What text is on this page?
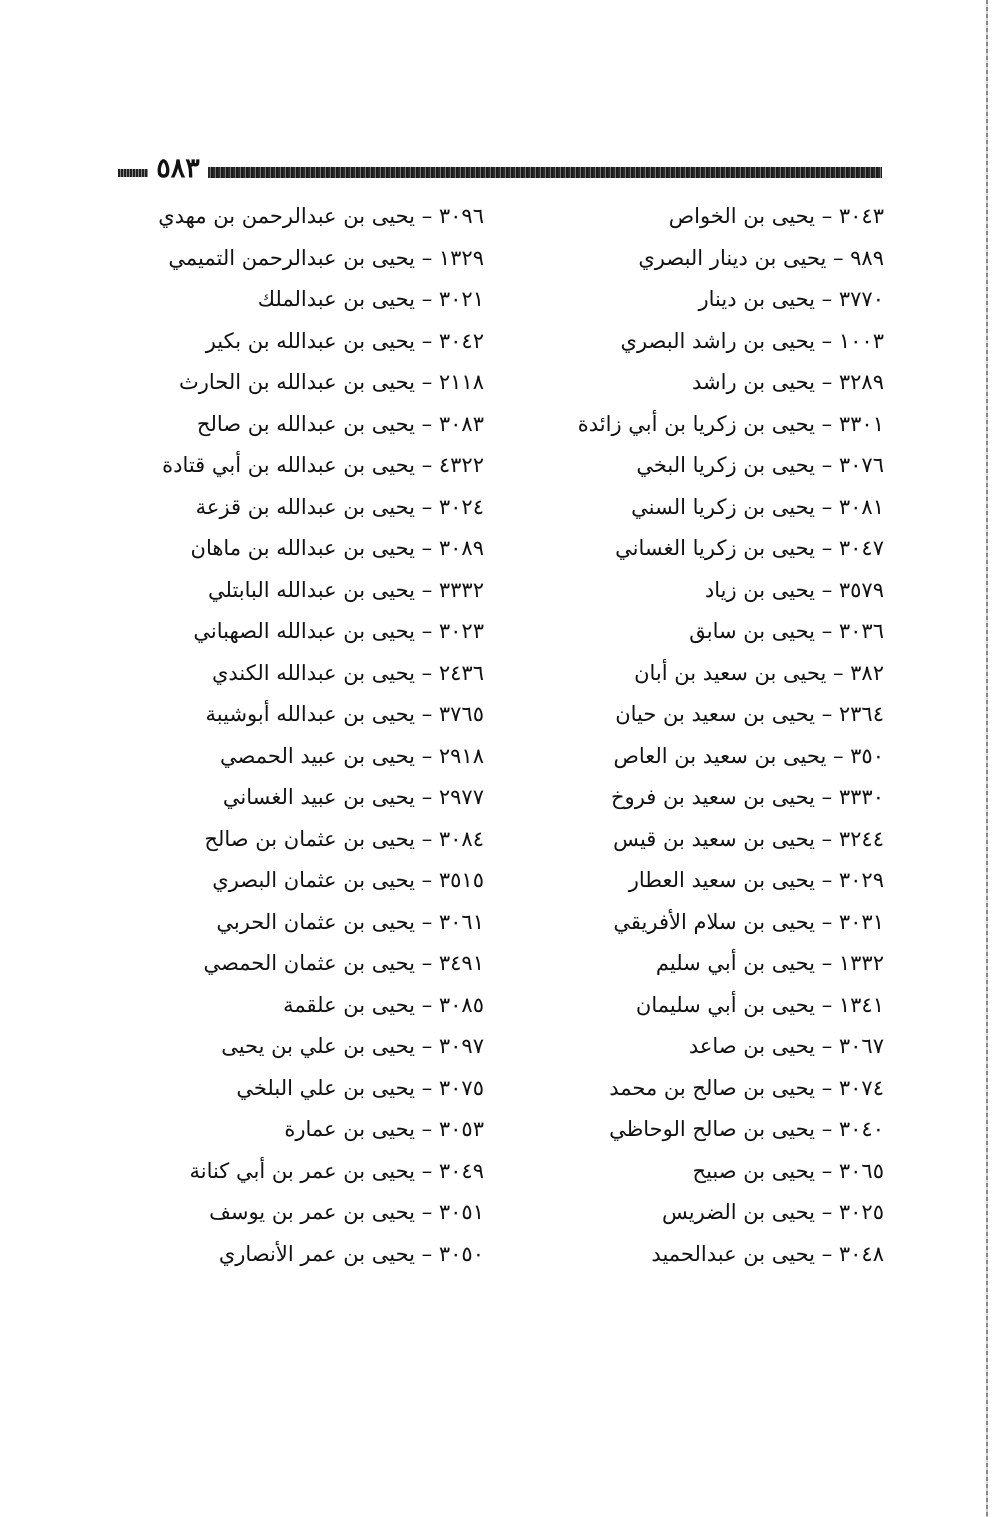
٥٨٣
٣٠٤٣ – يحيى بن الخواص
٩٨٩ – يحيى بن دينار البصري
٣٧٧٠ – يحيى بن دينار
١٠٠٣ – يحيى بن راشد البصري
٣٢٨٩ – يحيى بن راشد
٣٣٠١ – يحيى بن زكريا بن أبي زائدة
٣٠٧٦ – يحيى بن زكريا البخي
٣٠٨١ – يحيى بن زكريا السني
٣٠٤٧ – يحيى بن زكريا الغساني
٣٥٧٩ – يحيى بن زياد
٣٠٣٦ – يحيى بن سابق
٣٨٢ – يحيى بن سعيد بن أبان
٢٣٦٤ – يحيى بن سعيد بن حيان
٣٥٠ – يحيى بن سعيد بن العاص
٣٣٣٠ – يحيى بن سعيد بن فروخ
٣٢٤٤ – يحيى بن سعيد بن قيس
٣٠٢٩ – يحيى بن سعيد العطار
٣٠٣١ – يحيى بن سلام الأفريقي
١٣٣٢ – يحيى بن أبي سليم
١٣٤١ – يحيى بن أبي سليمان
٣٠٦٧ – يحيى بن صاعد
٣٠٧٤ – يحيى بن صالح بن محمد
٣٠٤٠ – يحيى بن صالح الوحاظي
٣٠٦٥ – يحيى بن صبيح
٣٠٢٥ – يحيى بن الضريس
٣٠٤٨ – يحيى بن عبدالحميد
٣٠٩٦ – يحيى بن عبدالرحمن بن مهدي
١٣٢٩ – يحيى بن عبدالرحمن التميمي
٣٠٢١ – يحيى بن عبدالملك
٣٠٤٢ – يحيى بن عبدالله بن بكير
٢١١٨ – يحيى بن عبدالله بن الحارث
٣٠٨٣ – يحيى بن عبدالله بن صالح
٤٣٢٢ – يحيى بن عبدالله بن أبي قتادة
٣٠٢٤ – يحيى بن عبدالله بن قزعة
٣٠٨٩ – يحيى بن عبدالله بن ماهان
٣٣٣٢ – يحيى بن عبدالله البابتلي
٣٠٢٣ – يحيى بن عبدالله الصهباني
٢٤٣٦ – يحيى بن عبدالله الكندي
٣٧٦٥ – يحيى بن عبدالله أبوشيبة
٢٩١٨ – يحيى بن عبيد الحمصي
٢٩٧٧ – يحيى بن عبيد الغساني
٣٠٨٤ – يحيى بن عثمان بن صالح
٣٥١٥ – يحيى بن عثمان البصري
٣٠٦١ – يحيى بن عثمان الحربي
٣٤٩١ – يحيى بن عثمان الحمصي
٣٠٨٥ – يحيى بن علقمة
٣٠٩٧ – يحيى بن علي بن يحيى
٣٠٧٥ – يحيى بن علي البلخي
٣٠٥٣ – يحيى بن عمارة
٣٠٤٩ – يحيى بن عمر بن أبي كنانة
٣٠٥١ – يحيى بن عمر بن يوسف
٣٠٥٠ – يحيى بن عمر الأنصاري
